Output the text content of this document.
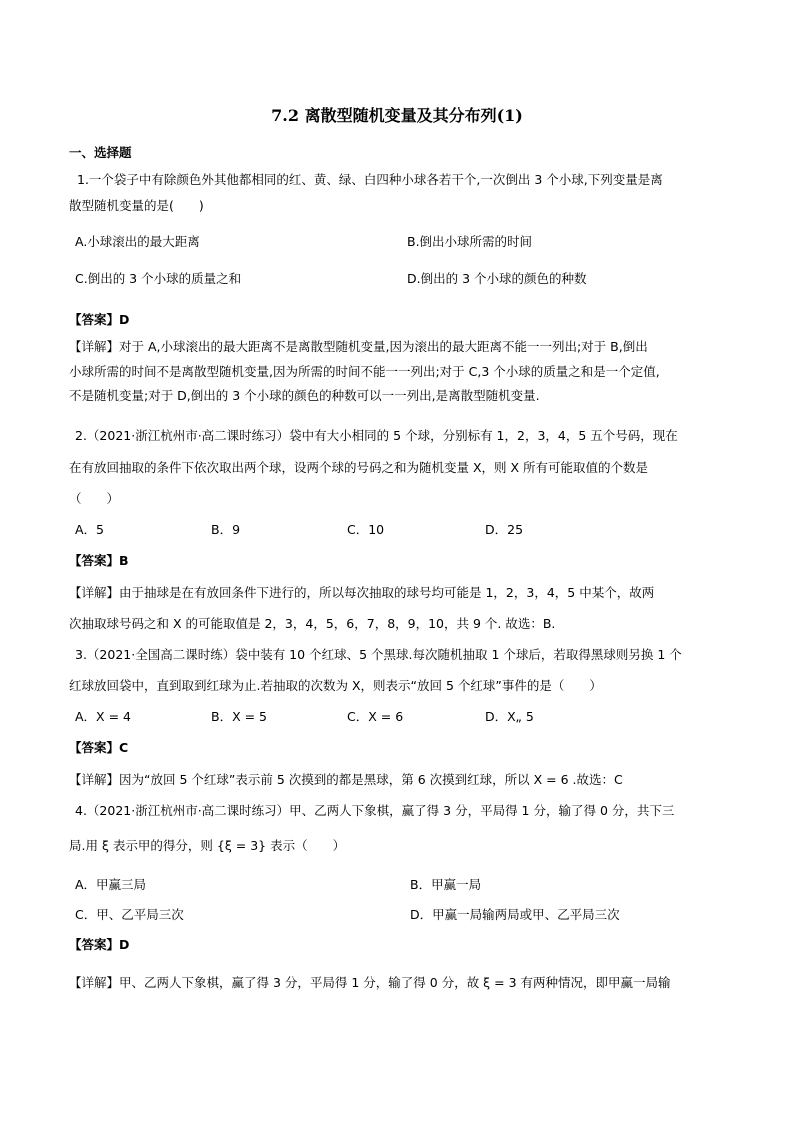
7.2 离散型随机变量及其分布列(1)
一、选择题
1.一个袋子中有除颜色外其他都相同的红、黄、绿、白四种小球各若干个,一次倒出 3 个小球,下列变量是离
散型随机变量的是(　　)
A.小球滚出的最大距离	B.倒出小球所需的时间
C.倒出的 3 个小球的质量之和	D.倒出的 3 个小球的颜色的种数
【答案】D
【详解】对于 A,小球滚出的最大距离不是离散型随机变量,因为滚出的最大距离不能一一列出;对于 B,倒出
小球所需的时间不是离散型随机变量,因为所需的时间不能一一列出;对于 C,3 个小球的质量之和是一个定值,
不是随机变量;对于 D,倒出的 3 个小球的颜色的种数可以一一列出,是离散型随机变量.
2.（2021·浙江杭州市·高二课时练习）袋中有大小相同的 5 个球，分别标有 1，2，3，4，5 五个号码，现在
在有放回抽取的条件下依次取出两个球，设两个球的号码之和为随机变量 X，则 X 所有可能取值的个数是
（　　）
A．5	B．9	C．10	D．25
【答案】B
【详解】由于抽球是在有放回条件下进行的，所以每次抽取的球号均可能是 1，2，3，4，5 中某个，故两
次抽取球号码之和 X 的可能取值是 2，3，4，5，6，7，8，9，10，共 9 个. 故选：B.
3.（2021·全国高二课时练）袋中装有 10 个红球、5 个黑球.每次随机抽取 1 个球后，若取得黑球则另换 1 个
红球放回袋中，直到取到红球为止.若抽取的次数为 X，则表示“放回 5 个红球”事件的是（　　）
A．X = 4	B．X = 5	C．X = 6	D．X„ 5
【答案】C
【详解】因为“放回 5 个红球”表示前 5 次摸到的都是黑球，第 6 次摸到红球，所以 X = 6 .故选：C
4.（2021·浙江杭州市·高二课时练习）甲、乙两人下象棋，赢了得 3 分，平局得 1 分，输了得 0 分，共下三
局.用 ξ 表示甲的得分，则 {ξ = 3} 表示（　　）
A．甲赢三局	B．甲赢一局
C．甲、乙平局三次	D．甲赢一局输两局或甲、乙平局三次
【答案】D
【详解】甲、乙两人下象棋，赢了得 3 分，平局得 1 分，输了得 0 分，故 ξ = 3 有两种情况，即甲赢一局输
